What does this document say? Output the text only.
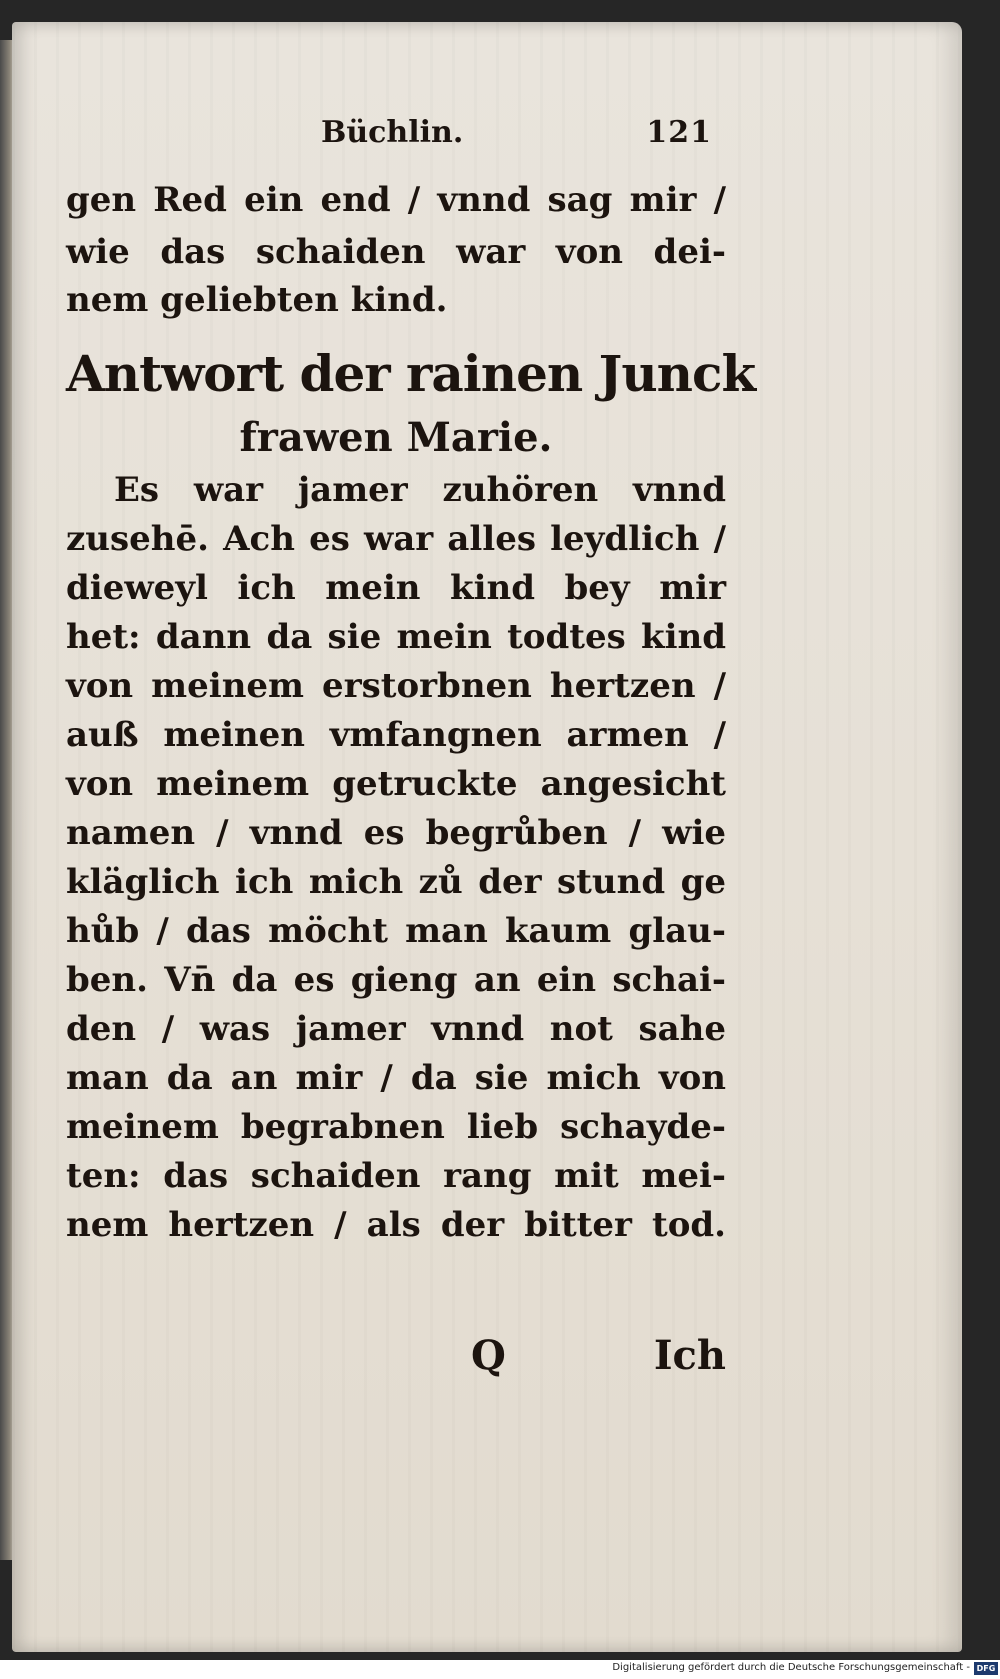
Büchlin.	121
gen Red ein end / vnnd sag mir /
wie das schaiden war von dei-
nem geliebten kind.
Antwort der rainen Junck
frawen Marie.
Es war jamer zuhören vnnd
zusehē. Ach es war alles leydlich /
dieweyl ich mein kind bey mir
het: dann da sie mein todtes kind
von meinem erstorbnen hertzen /
auß meinen vmfangnen armen /
von meinem getruckte angesicht
namen / vnnd es begrůben / wie
kläglich ich mich zů der stund ge
hůb / das möcht man kaum glau-
ben. Vn̄ da es gieng an ein schai-
den / was jamer vnnd not sahe
man da an mir / da sie mich von
meinem begrabnen lieb schayde-
ten: das schaiden rang mit mei-
nem hertzen / als der bitter tod.
Q	Ich
Digitalisierung gefördert durch die Deutsche Forschungsgemeinschaft - DFG
